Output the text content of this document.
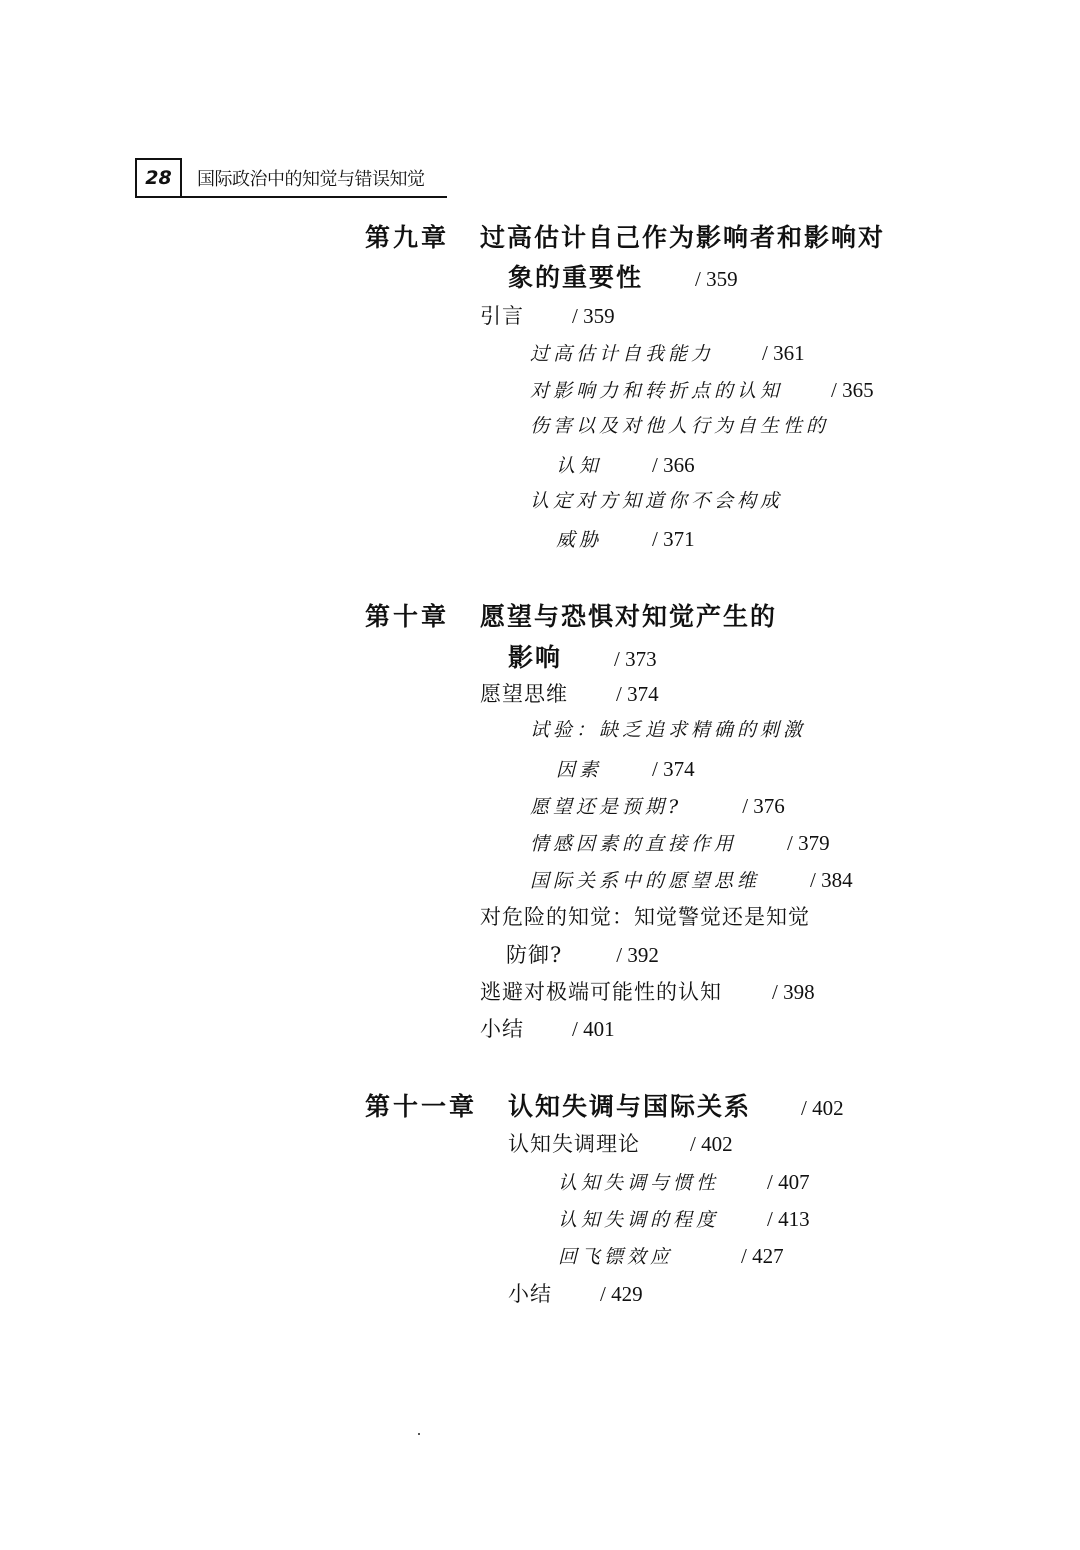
28	国际政治中的知觉与错误知觉
第九章 过高估计自己作为影响者和影响对
象的重要性 / 359
引言 / 359
过高估计自我能力 / 361
对影响力和转折点的认知 / 365
伤害以及对他人行为自生性的
认知 / 366
认定对方知道你不会构成
威胁 / 371
第十章 愿望与恐惧对知觉产生的
影响 / 373
愿望思维 / 374
试验：缺乏追求精确的刺激
因素 / 374
愿望还是预期?	/ 376
情感因素的直接作用 / 379
国际关系中的愿望思维 / 384
对危险的知觉：知觉警觉还是知觉
防御?	/ 392
逃避对极端可能性的认知 / 398
小结 / 401
第十一章 认知失调与国际关系 / 402
认知失调理论 / 402
认知失调与惯性 / 407
认知失调的程度 / 413
回飞镖效应	/ 427
小结 / 429
